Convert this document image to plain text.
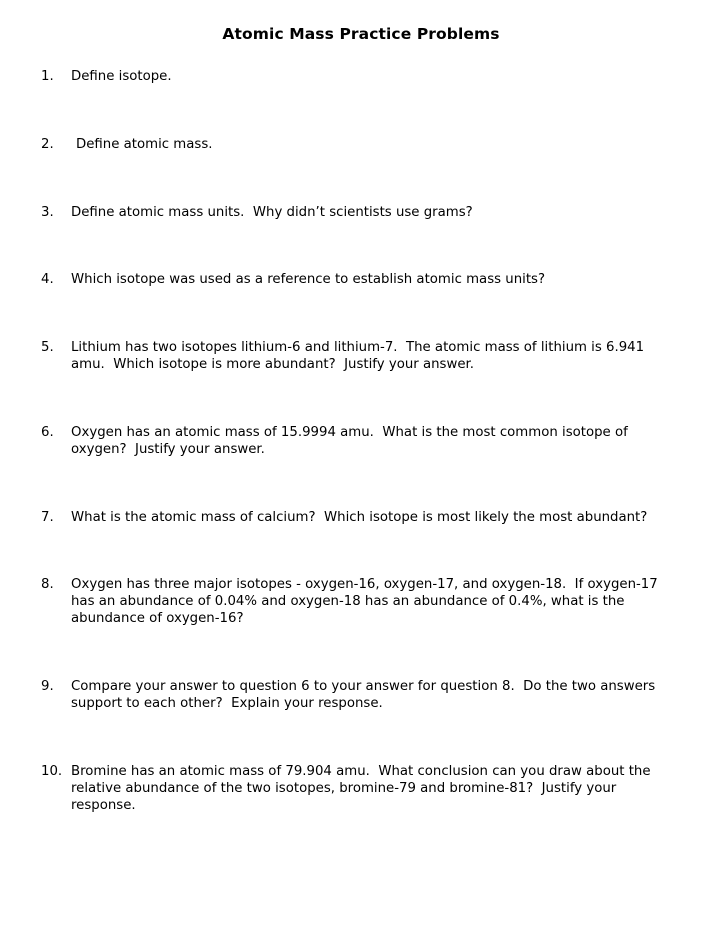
Atomic Mass Practice Problems
1.	Define isotope.
2.	Define atomic mass.
3.	Define atomic mass units.  Why didn’t scientists use grams?
4.	Which isotope was used as a reference to establish atomic mass units?
5.	Lithium has two isotopes lithium-6 and lithium-7.  The atomic mass of lithium is 6.941 amu.  Which isotope is more abundant?  Justify your answer.
6.	Oxygen has an atomic mass of 15.9994 amu.  What is the most common isotope of oxygen?  Justify your answer.
7.	What is the atomic mass of calcium?  Which isotope is most likely the most abundant?
8.	Oxygen has three major isotopes - oxygen-16, oxygen-17, and oxygen-18.  If oxygen-17 has an abundance of 0.04% and oxygen-18 has an abundance of 0.4%, what is the abundance of oxygen-16?
9.	Compare your answer to question 6 to your answer for question 8.  Do the two answers support to each other?  Explain your response.
10. Bromine has an atomic mass of 79.904 amu.  What conclusion can you draw about the relative abundance of the two isotopes, bromine-79 and bromine-81?  Justify your response.
